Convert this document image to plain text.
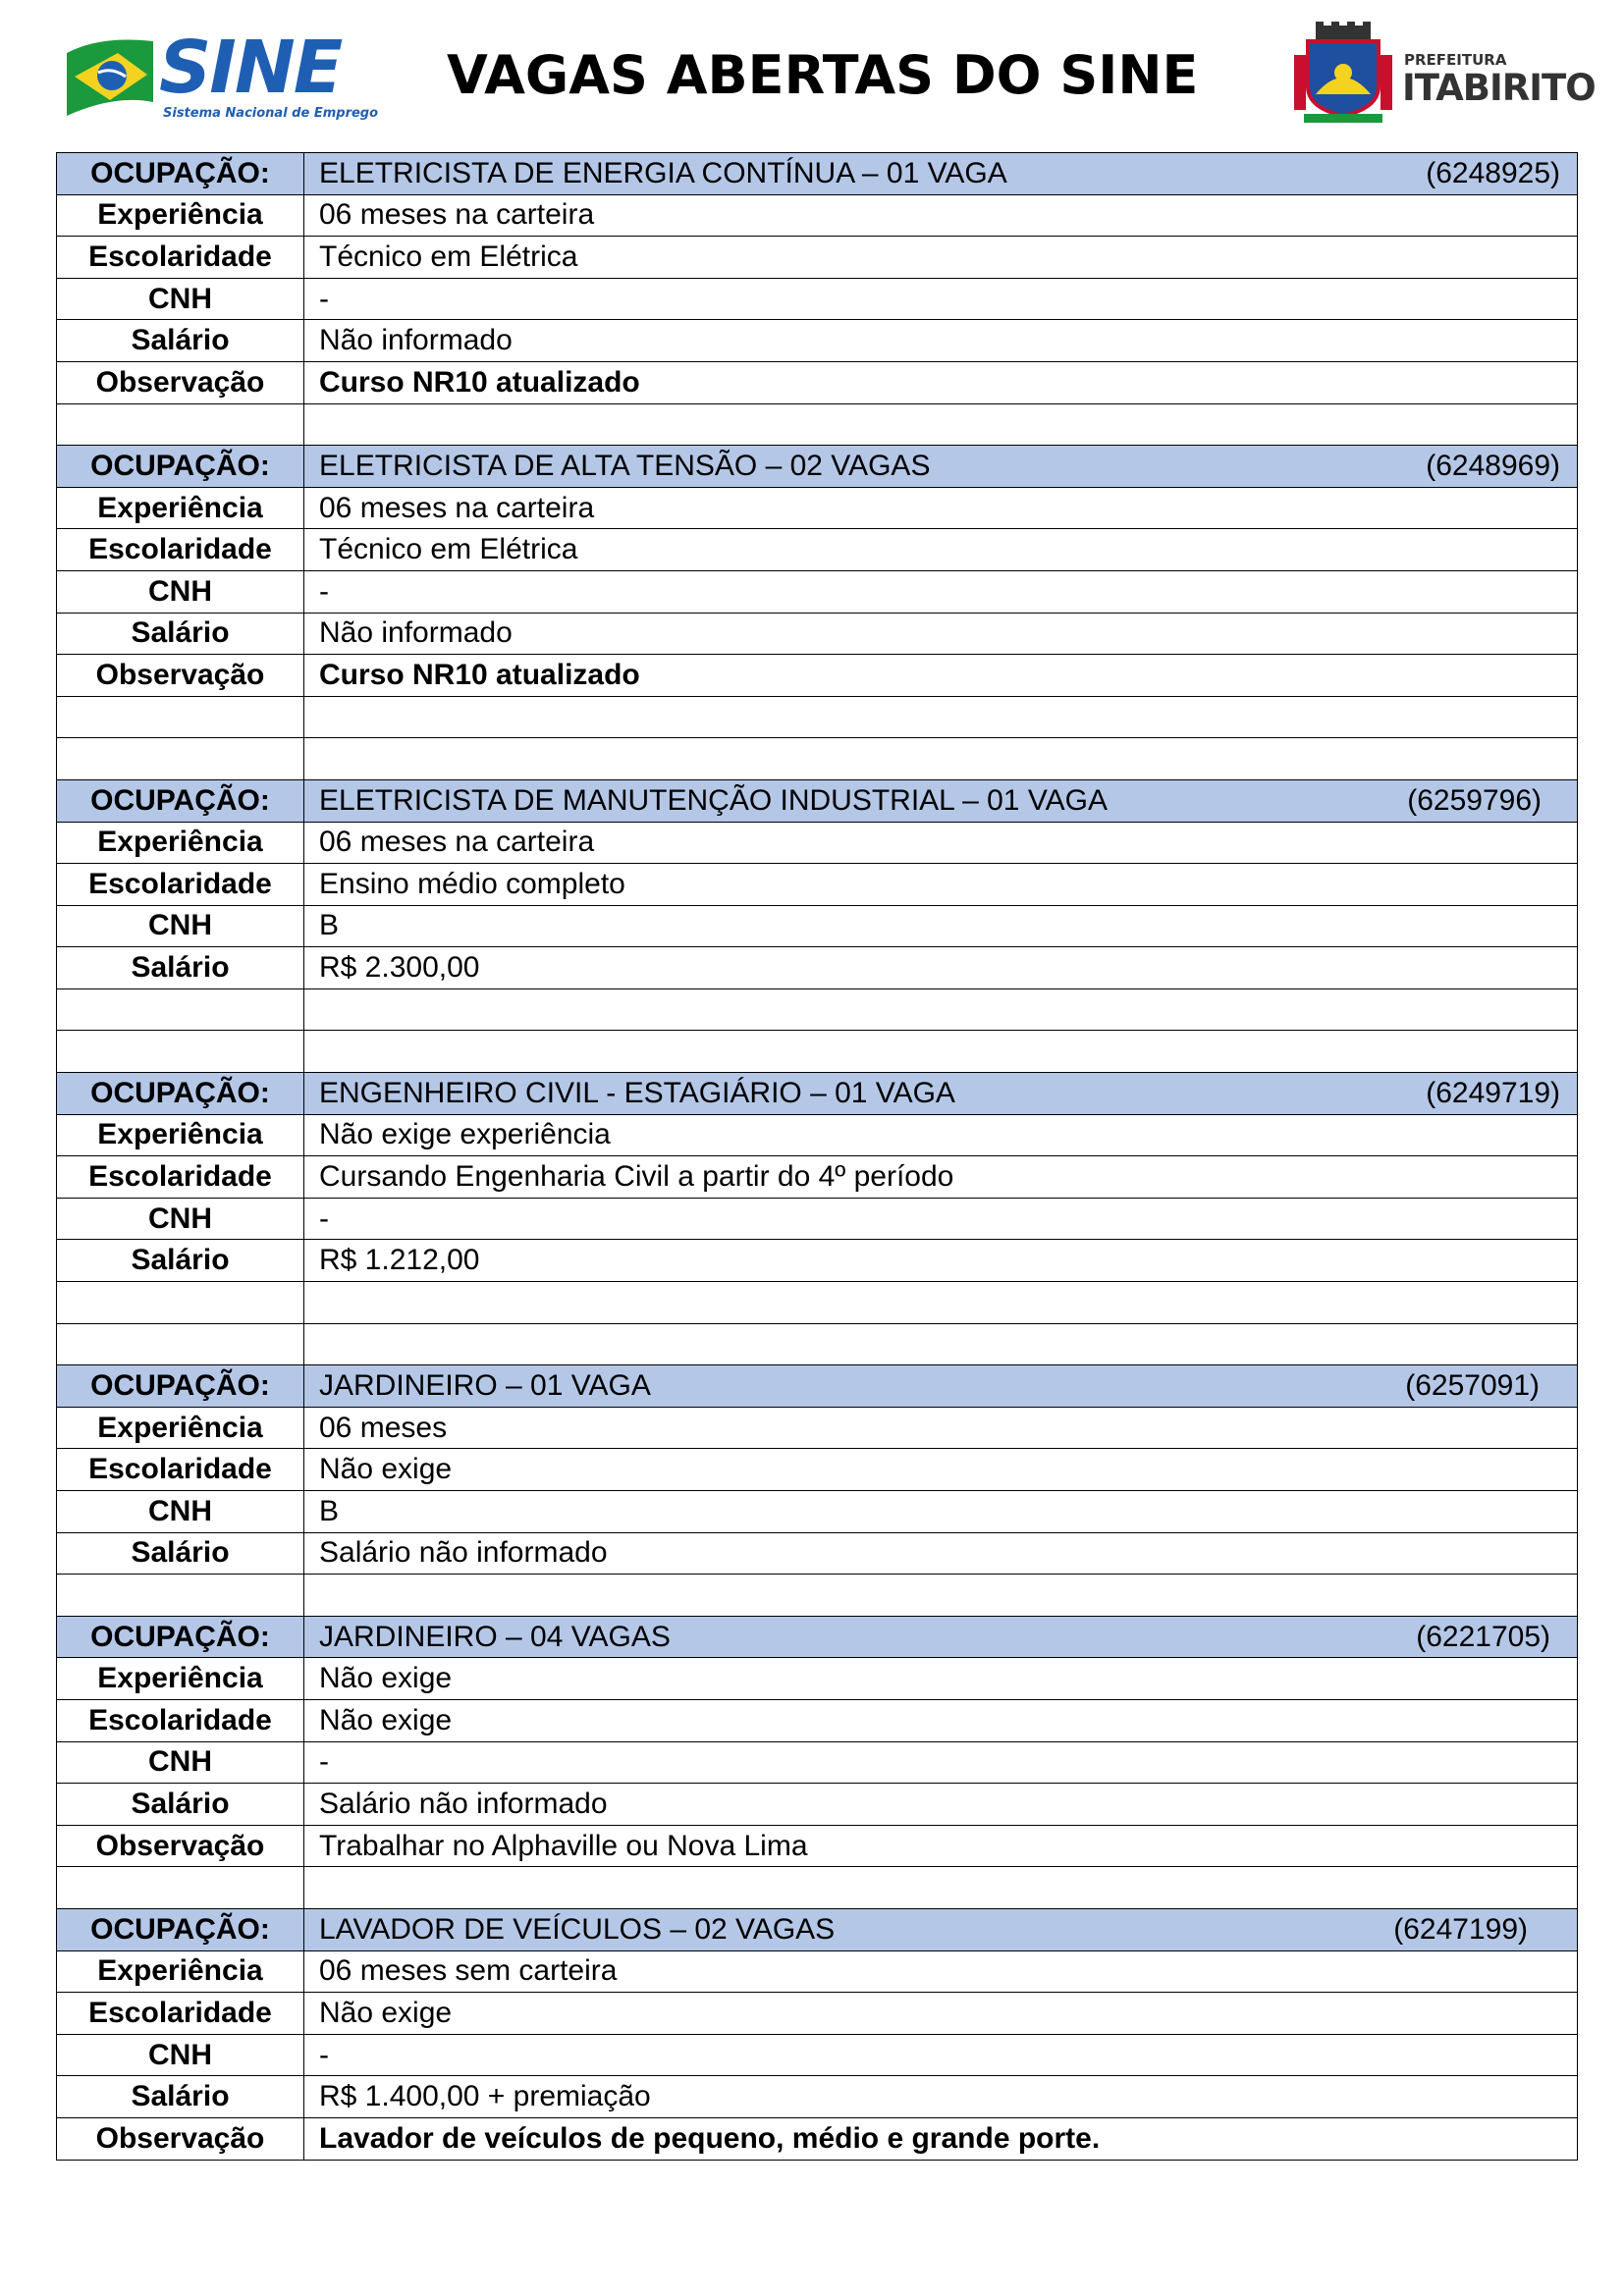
SINE
Sistema Nacional de Emprego
VAGAS ABERTAS DO SINE	PREFEITURA
ITABIRITO
OCUPAÇÃO:	ELETRICISTA DE ENERGIA CONTÍNUA – 01 VAGA (6248925)

Experiência	06 meses na carteira
Escolaridade	Técnico em Elétrica
CNH	-
Salário	Não informado
Observação	Curso NR10 atualizado

OCUPAÇÃO:	ELETRICISTA DE ALTA TENSÃO – 02 VAGAS (6248969)

Experiência	06 meses na carteira
Escolaridade	Técnico em Elétrica
CNH	-
Salário	Não informado
Observação	Curso NR10 atualizado

OCUPAÇÃO:	ELETRICISTA DE MANUTENÇÃO INDUSTRIAL – 01 VAGA (6259796)

Experiência	06 meses na carteira
Escolaridade	Ensino médio completo
CNH	B
Salário	R$ 2.300,00

OCUPAÇÃO:	ENGENHEIRO CIVIL - ESTAGIÁRIO – 01 VAGA (6249719)

Experiência	Não exige experiência
Escolaridade	Cursando Engenharia Civil a partir do 4º período
CNH	-
Salário	R$ 1.212,00

OCUPAÇÃO:	JARDINEIRO – 01 VAGA (6257091)

Experiência	06 meses
Escolaridade	Não exige
CNH	B
Salário	Salário não informado

OCUPAÇÃO:	JARDINEIRO – 04 VAGAS (6221705)

Experiência	Não exige
Escolaridade	Não exige
CNH	-
Salário	Salário não informado
Observação	Trabalhar no Alphaville ou Nova Lima

OCUPAÇÃO:	LAVADOR DE VEÍCULOS – 02 VAGAS (6247199)

Experiência	06 meses sem carteira
Escolaridade	Não exige
CNH	-
Salário	R$ 1.400,00 + premiação
Observação	Lavador de veículos de pequeno, médio e grande porte.
